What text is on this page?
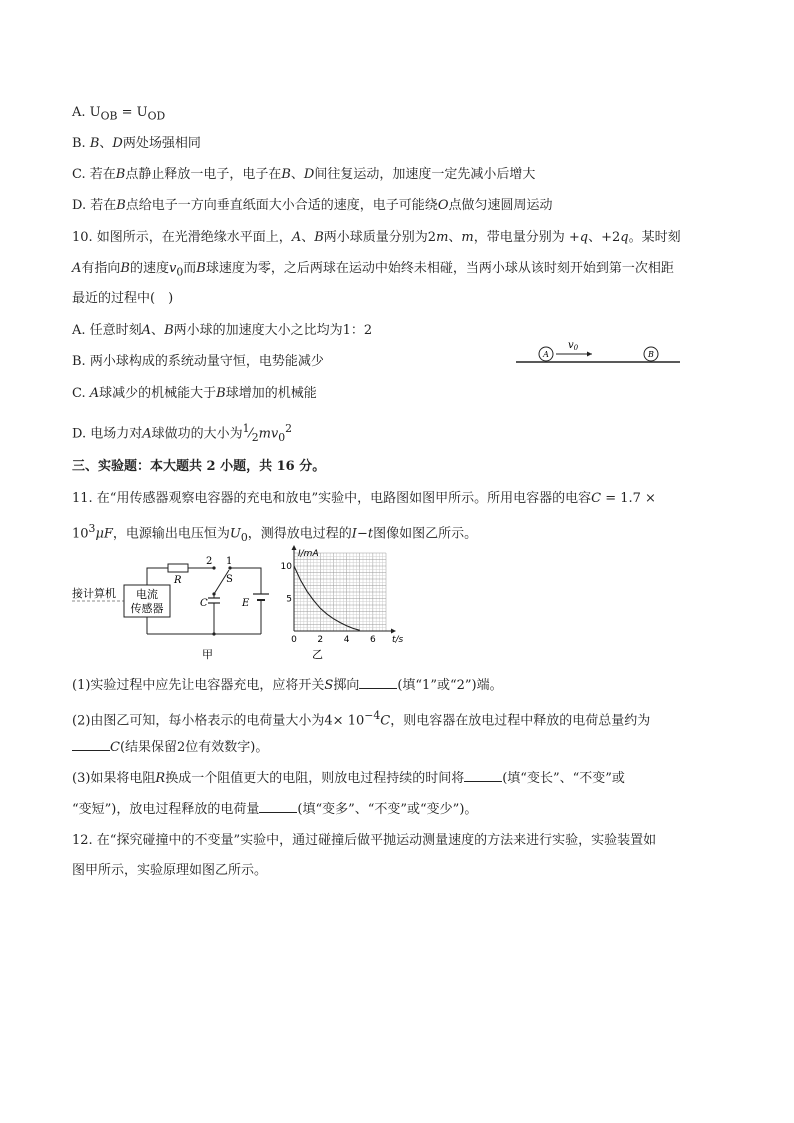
A. $U_{OB} = U_{OD}$
B. B、D两处场强相同
C. 若在B点静止释放一电子，电子在B、D间往复运动，加速度一定先减小后增大
D. 若在B点给电子一方向垂直纸面大小合适的速度，电子可能绕O点做匀速圆周运动
10. 如图所示，在光滑绝缘水平面上，A、B两小球质量分别为2m、m，带电量分别为 +q、+2q。某时刻
A有指向B的速度$v_0$而B球速度为零，之后两球在运动中始终未相碰，当两小球从该时刻开始到第一次相距
最近的过程中(　)
A. 任意时刻A、B两小球的加速度大小之比均为1：2
B. 两小球构成的系统动量守恒，电势能减少
C. A球减少的机械能大于B球增加的机械能
D. 电场力对A球做功的大小为$^1⁄_2mv_0^2$
A	B
$v_0$
三、实验题：本大题共 2 小题，共 16 分。
11. 在“用传感器观察电容器的充电和放电”实验中，电路图如图甲所示。所用电容器的电容C = 1.7 ×
$10^3\mu F$，电源输出电压恒为$U_0$，测得放电过程的I−t图像如图乙所示。
接计算机 电流
传感器
R
2 1
S
C	E
甲
0 2 4 6
5
10
I/mA
t/s
乙
(1)实验过程中应先让电容器充电，应将开关S掷向	(填“1”或“2”)端。
(2)由图乙可知，每小格表示的电荷量大小为$4\times 10^{-4}C$，则电容器在放电过程中释放的电荷总量约为
C(结果保留2位有效数字)。
(3)如果将电阻R换成一个阻值更大的电阻，则放电过程持续的时间将	(填“变长”、“不变”或
“变短”)，放电过程释放的电荷量	(填“变多”、“不变”或“变少”)。
12. 在“探究碰撞中的不变量”实验中，通过碰撞后做平抛运动测量速度的方法来进行实验，实验装置如
图甲所示，实验原理如图乙所示。
